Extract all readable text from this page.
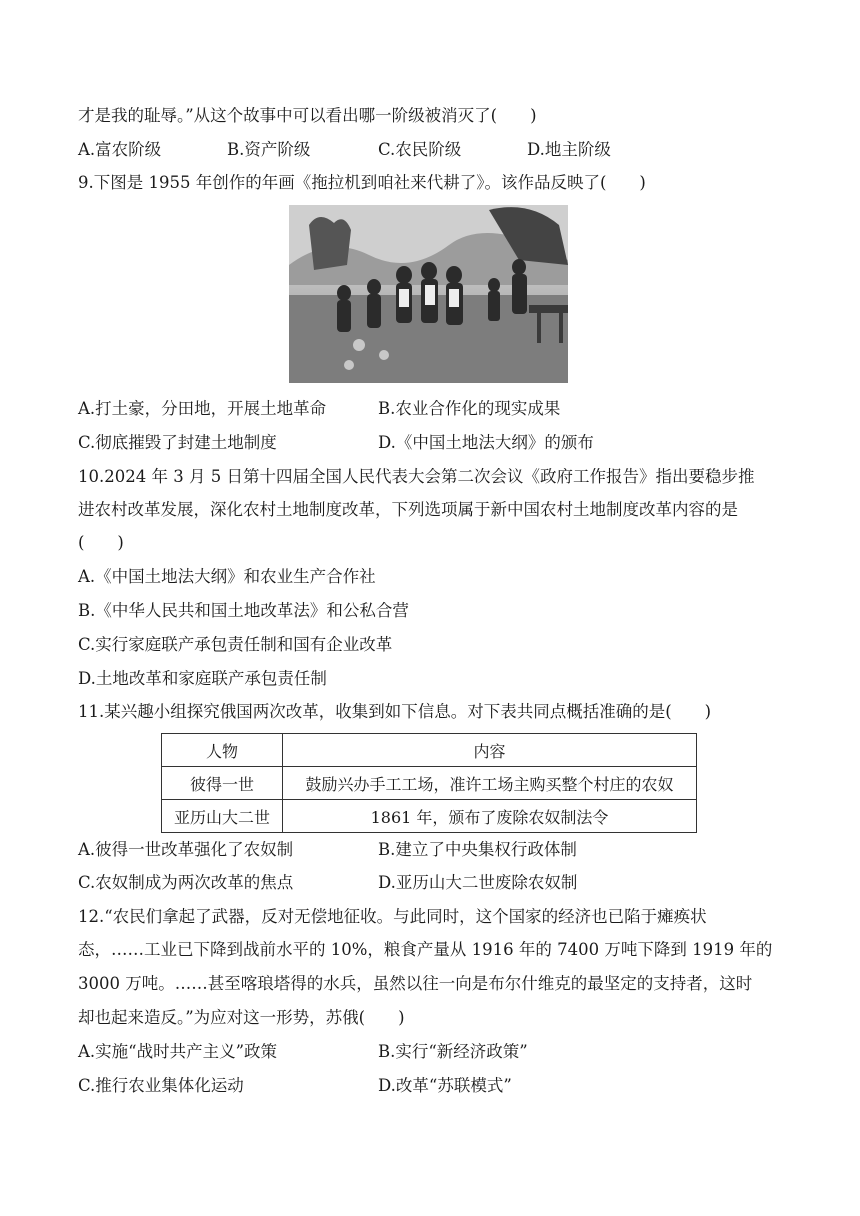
才是我的耻辱。”从这个故事中可以看出哪一阶级被消灭了(　　)
A.富农阶级	B.资产阶级	C.农民阶级	D.地主阶级
9.下图是 1955 年创作的年画《拖拉机到咱社来代耕了》。该作品反映了(　　)
A.打土豪，分田地，开展土地革命	B.农业合作化的现实成果
C.彻底摧毁了封建土地制度	D.《中国土地法大纲》的颁布
10.2024 年 3 月 5 日第十四届全国人民代表大会第二次会议《政府工作报告》指出要稳步推
进农村改革发展，深化农村土地制度改革，下列选项属于新中国农村土地制度改革内容的是
(　　)
A.《中国土地法大纲》和农业生产合作社
B.《中华人民共和国土地改革法》和公私合营
C.实行家庭联产承包责任制和国有企业改革
D.土地改革和家庭联产承包责任制
11.某兴趣小组探究俄国两次改革，收集到如下信息。对下表共同点概括准确的是(　　)
人物	内容
彼得一世	鼓励兴办手工工场，准许工场主购买整个村庄的农奴
亚历山大二世	1861 年，颁布了废除农奴制法令
A.彼得一世改革强化了农奴制	B.建立了中央集权行政体制
C.农奴制成为两次改革的焦点	D.亚历山大二世废除农奴制
12.“农民们拿起了武器，反对无偿地征收。与此同时，这个国家的经济也已陷于瘫痪状
态，……工业已下降到战前水平的 10%，粮食产量从 1916 年的 7400 万吨下降到 1919 年的
3000 万吨。……甚至喀琅塔得的水兵，虽然以往一向是布尔什维克的最坚定的支持者，这时
却也起来造反。”为应对这一形势，苏俄(　　)
A.实施“战时共产主义”政策	B.实行“新经济政策”
C.推行农业集体化运动	D.改革“苏联模式”
